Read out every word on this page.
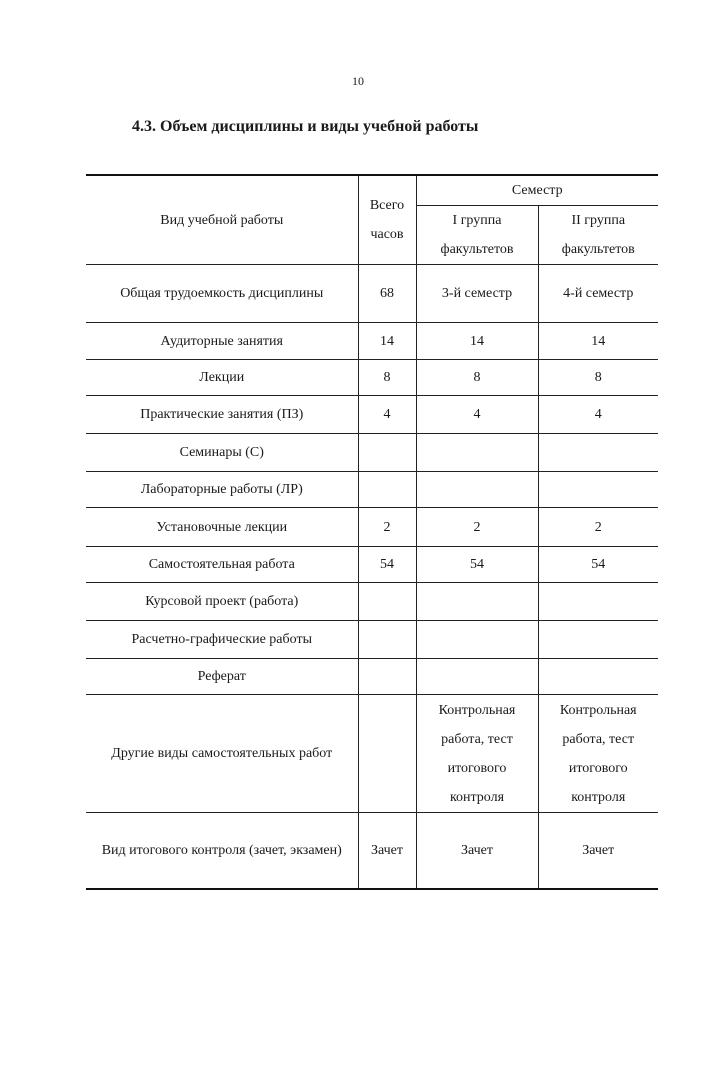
10
4.3. Объем дисциплины и виды учебной работы
Вид учебной работы	Всего часов	Семестр	
		I группа факультетов	II группа факультетов

Общая трудоемкость дисциплины	68	3-й семестр	4-й семестр
Аудиторные занятия	14	14	14
Лекции	8	8	8
Практические занятия (ПЗ)	4	4	4
Семинары (С)			
Лабораторные работы (ЛР)			
Установочные лекции	2	2	2
Самостоятельная работа	54	54	54
Курсовой проект (работа)			
Расчетно-графические работы			
Реферат			
Другие виды самостоятельных работ		Контрольная работа, тест итогового контроля	Контрольная работа, тест итогового контроля
Вид итогового контроля (зачет, экзамен)	Зачет	Зачет	Зачет
